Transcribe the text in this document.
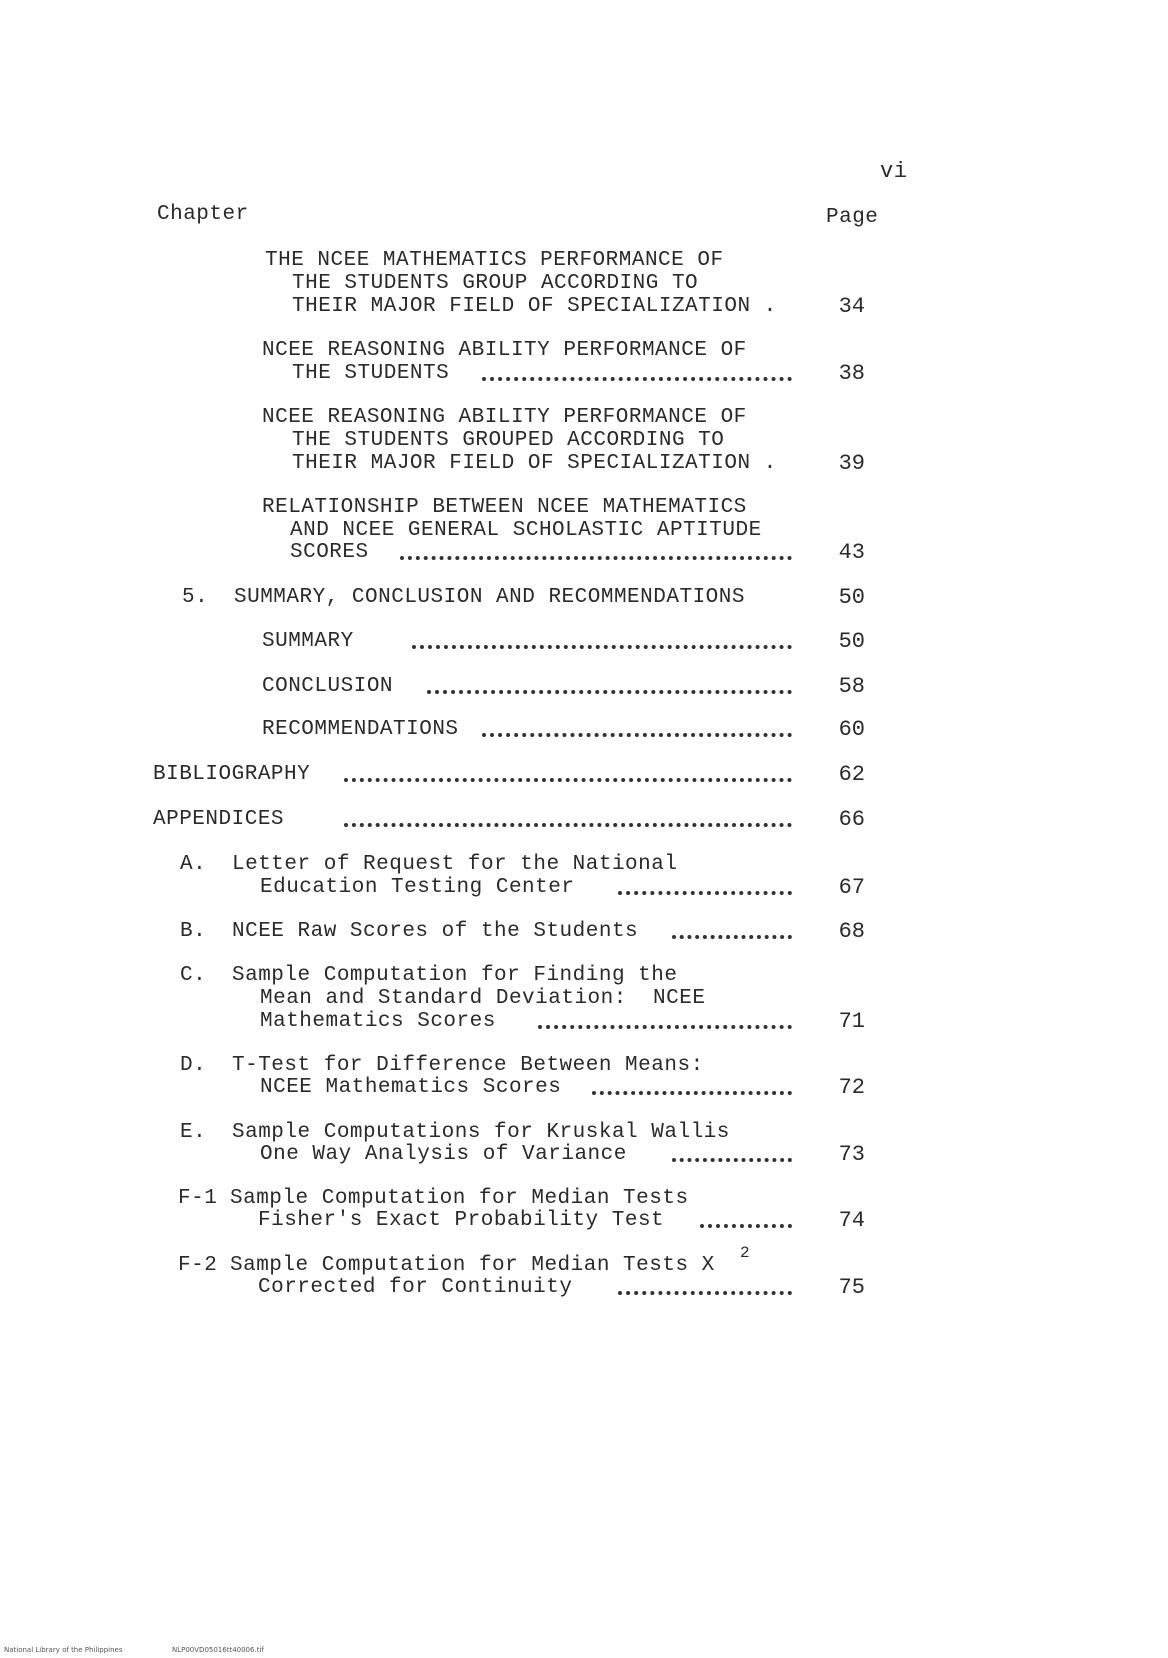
vi
Chapter	Page
THE NCEE MATHEMATICS PERFORMANCE OF
THE STUDENTS GROUP ACCORDING TO
THEIR MAJOR FIELD OF SPECIALIZATION .	34
NCEE REASONING ABILITY PERFORMANCE OF
THE STUDENTS	38
NCEE REASONING ABILITY PERFORMANCE OF
THE STUDENTS GROUPED ACCORDING TO
THEIR MAJOR FIELD OF SPECIALIZATION .	39
RELATIONSHIP BETWEEN NCEE MATHEMATICS
AND NCEE GENERAL SCHOLASTIC APTITUDE
SCORES	43
5. SUMMARY, CONCLUSION AND RECOMMENDATIONS	50
SUMMARY	50
CONCLUSION	58
RECOMMENDATIONS	60
BIBLIOGRAPHY	62
APPENDICES	66
A. Letter of Request for the National
Education Testing Center	67
B. NCEE Raw Scores of the Students	68
C. Sample Computation for Finding the
Mean and Standard Deviation:  NCEE
Mathematics Scores	71
D. T-Test for Difference Between Means:
NCEE Mathematics Scores	72
E. Sample Computations for Kruskal Wallis
One Way Analysis of Variance	73
F-1 Sample Computation for Median Tests
Fisher's Exact Probability Test	74
F-2 Sample Computation for Median Tests X
2
Corrected for Continuity	75
National Library of the Philippines	NLP00VD05016tt40006.tif
